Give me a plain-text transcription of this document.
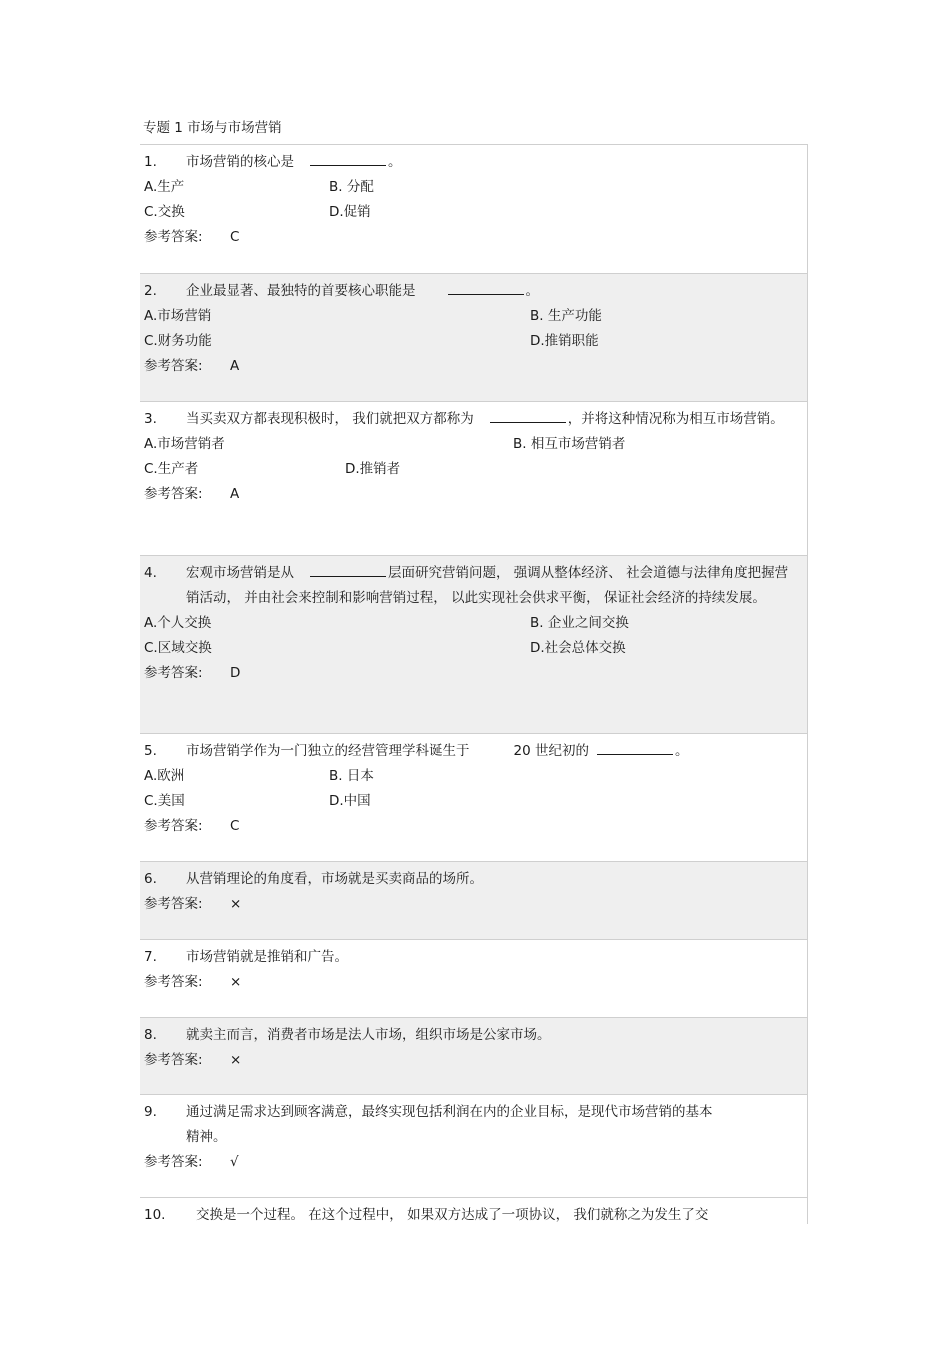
专题 1 市场与市场营销
1.	市场营销的核心是	。
A.生产	B. 分配
C.交换	D.促销
参考答案: C
2.	企业最显著、最独特的首要核心职能是	。
A.市场营销	B. 生产功能
C.财务功能	D.推销职能
参考答案: A
3.	当买卖双方都表现积极时， 我们就把双方都称为	，并将这种情况称为相互市场营销。
A.市场营销者	B. 相互市场营销者
C.生产者	D.推销者
参考答案: A
4.	宏观市场营销是从	层面研究营销问题， 强调从整体经济、 社会道德与法律角度把握营销活动， 并由社会来控制和影响营销过程， 以此实现社会供求平衡， 保证社会经济的持续发展。
A.个人交换	B. 企业之间交换
C.区域交换	D.社会总体交换
参考答案: D
5.	市场营销学作为一门独立的经营管理学科诞生于	20 世纪初的	。
A.欧洲	B. 日本
C.美国	D.中国
参考答案: C
6.	从营销理论的角度看，市场就是买卖商品的场所。
参考答案: ×
7.	市场营销就是推销和广告。
参考答案: ×
8.	就卖主而言，消费者市场是法人市场，组织市场是公家市场。
参考答案: ×
9.	通过满足需求达到顾客满意，最终实现包括利润在内的企业目标，是现代市场营销的基本精神。
参考答案: √
10.	交换是一个过程。 在这个过程中， 如果双方达成了一项协议， 我们就称之为发生了交
